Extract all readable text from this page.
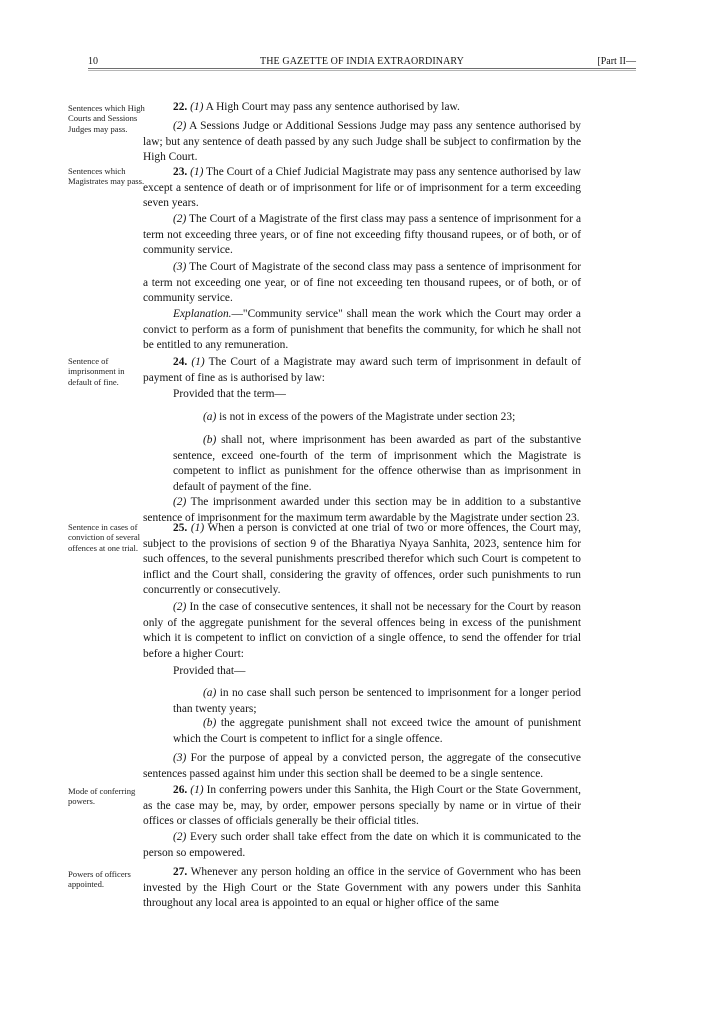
10	THE GAZETTE OF INDIA EXTRAORDINARY	[Part II—
Sentences which High Courts and Sessions Judges may pass.
Sentences which Magistrates may pass.
Sentence of imprisonment in default of fine.
Sentence in cases of conviction of several offences at one trial.
Mode of conferring powers.
Powers of officers appointed.
22. (1) A High Court may pass any sentence authorised by law.
(2) A Sessions Judge or Additional Sessions Judge may pass any sentence authorised by law; but any sentence of death passed by any such Judge shall be subject to confirmation by the High Court.
23. (1) The Court of a Chief Judicial Magistrate may pass any sentence authorised by law except a sentence of death or of imprisonment for life or of imprisonment for a term exceeding seven years.
(2) The Court of a Magistrate of the first class may pass a sentence of imprisonment for a term not exceeding three years, or of fine not exceeding fifty thousand rupees, or of both, or of community service.
(3) The Court of Magistrate of the second class may pass a sentence of imprisonment for a term not exceeding one year, or of fine not exceeding ten thousand rupees, or of both, or of community service.
Explanation.—"Community service" shall mean the work which the Court may order a convict to perform as a form of punishment that benefits the community, for which he shall not be entitled to any remuneration.
24. (1) The Court of a Magistrate may award such term of imprisonment in default of payment of fine as is authorised by law:
Provided that the term—
(a) is not in excess of the powers of the Magistrate under section 23;
(b) shall not, where imprisonment has been awarded as part of the substantive sentence, exceed one-fourth of the term of imprisonment which the Magistrate is competent to inflict as punishment for the offence otherwise than as imprisonment in default of payment of the fine.
(2) The imprisonment awarded under this section may be in addition to a substantive sentence of imprisonment for the maximum term awardable by the Magistrate under section 23.
25. (1) When a person is convicted at one trial of two or more offences, the Court may, subject to the provisions of section 9 of the Bharatiya Nyaya Sanhita, 2023, sentence him for such offences, to the several punishments prescribed therefor which such Court is competent to inflict and the Court shall, considering the gravity of offences, order such punishments to run concurrently or consecutively.
(2) In the case of consecutive sentences, it shall not be necessary for the Court by reason only of the aggregate punishment for the several offences being in excess of the punishment which it is competent to inflict on conviction of a single offence, to send the offender for trial before a higher Court:
Provided that—
(a) in no case shall such person be sentenced to imprisonment for a longer period than twenty years;
(b) the aggregate punishment shall not exceed twice the amount of punishment which the Court is competent to inflict for a single offence.
(3) For the purpose of appeal by a convicted person, the aggregate of the consecutive sentences passed against him under this section shall be deemed to be a single sentence.
26. (1) In conferring powers under this Sanhita, the High Court or the State Government, as the case may be, may, by order, empower persons specially by name or in virtue of their offices or classes of officials generally be their official titles.
(2) Every such order shall take effect from the date on which it is communicated to the person so empowered.
27. Whenever any person holding an office in the service of Government who has been invested by the High Court or the State Government with any powers under this Sanhita throughout any local area is appointed to an equal or higher office of the same
